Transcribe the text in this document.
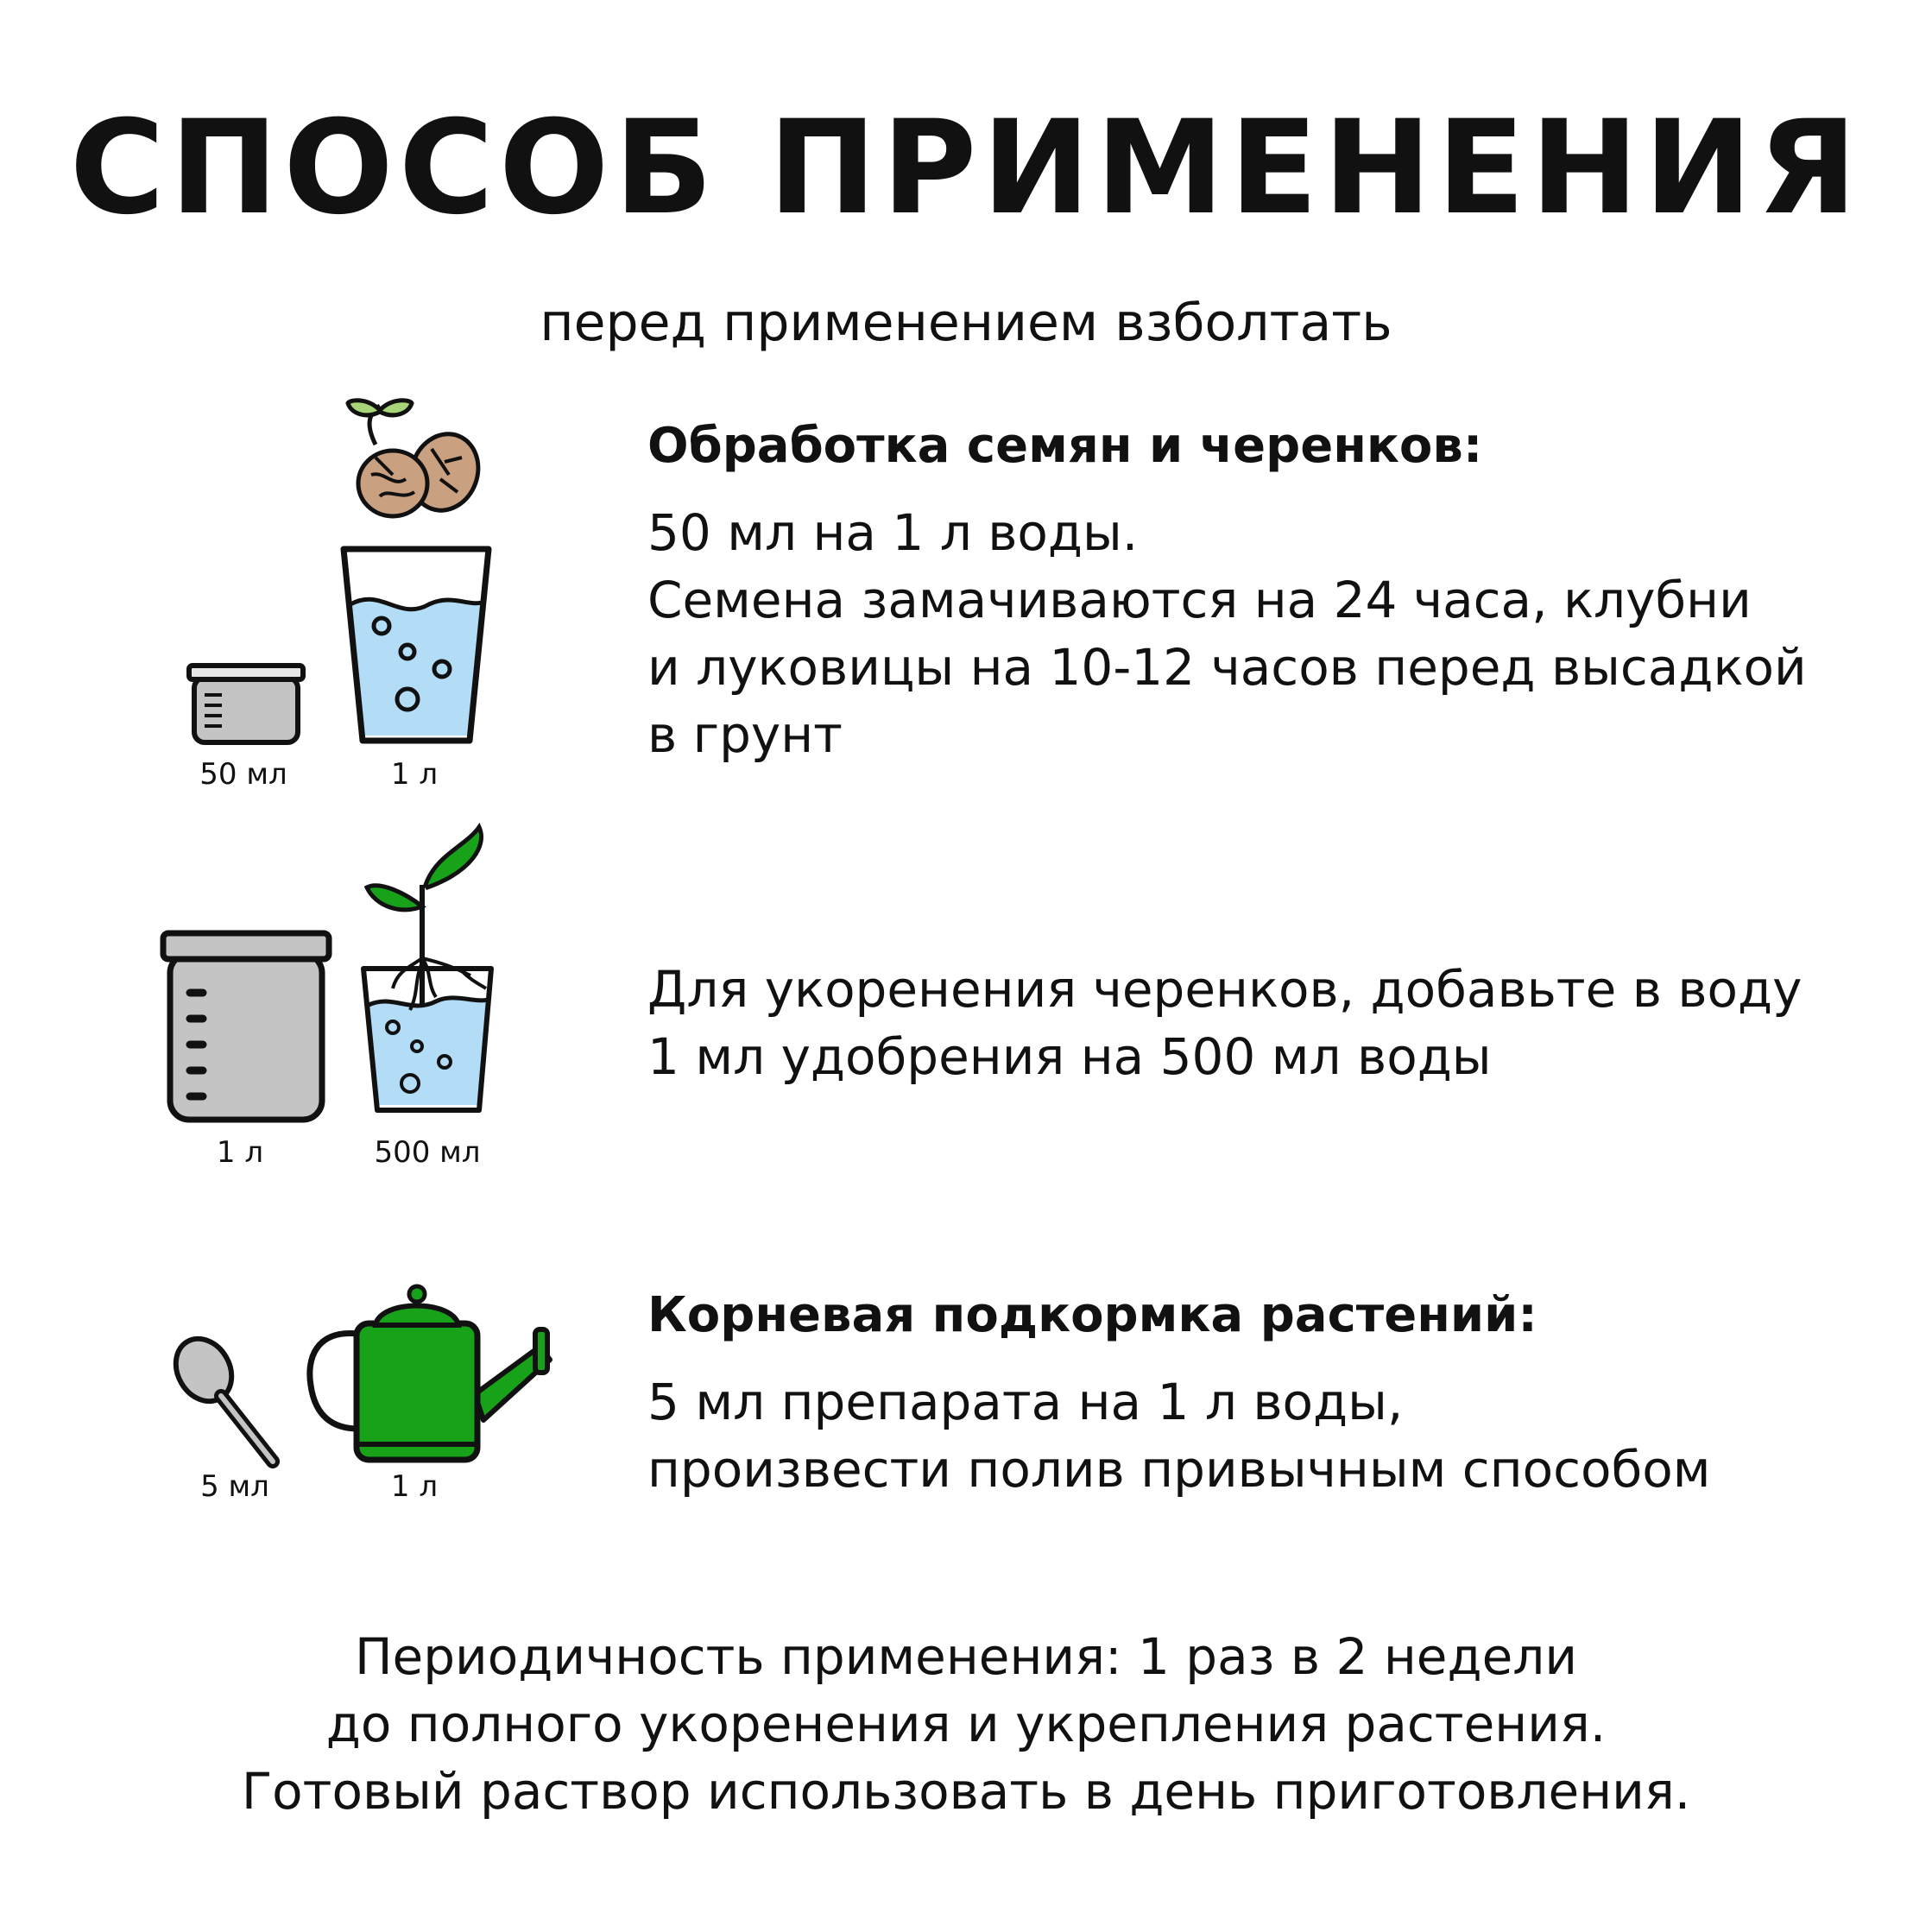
СПОСОБ ПРИМЕНЕНИЯ
перед применением взболтать
50 мл	1 л
Обработка семян и черенков:
50 мл на 1 л воды.
Семена замачиваются на 24 часа, клубни
и луковицы на 10-12 часов перед высадкой
в грунт
1 л	500 мл
Для укоренения черенков, добавьте в воду
1 мл удобрения на 500 мл воды
5 мл	1 л
Корневая подкормка растений:
5 мл препарата на 1 л воды,
произвести полив привычным способом
Периодичность применения: 1 раз в 2 недели
до полного укоренения и укрепления растения.
Готовый раствор использовать в день приготовления.
